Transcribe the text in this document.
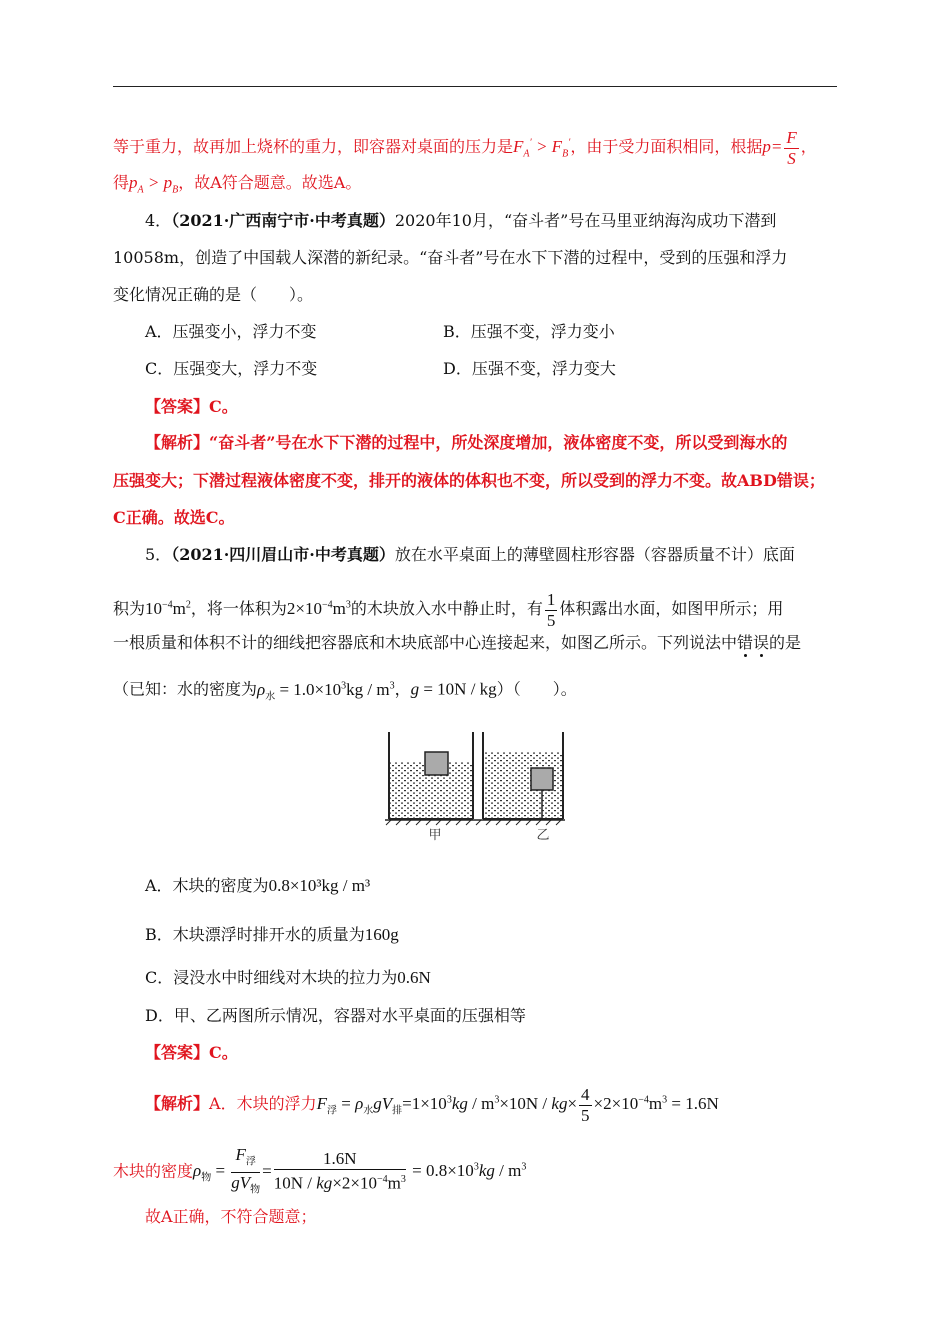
等于重力，故再加上烧杯的重力，即容器对桌面的压力是$F_A' > F_B'$，由于受力面积相同，根据$p= \frac{F}{S}$ ，
得$p_A > p_B$，故A符合题意。故选A。
4．（2021·广西南宁市·中考真题）2020年10月，“奋斗者”号在马里亚纳海沟成功下潜到
10058m，创造了中国载人深潜的新纪录。“奋斗者”号在水下下潜的过程中，受到的压强和浮力
变化情况正确的是（　　）。
A．压强变小，浮力不变	B．压强不变，浮力变小
C．压强变大，浮力不变	D．压强不变，浮力变大
【答案】C。
【解析】“奋斗者”号在水下下潜的过程中，所处深度增加，液体密度不变，所以受到海水的
压强变大；下潜过程液体密度不变，排开的液体的体积也不变，所以受到的浮力不变。故ABD错误；
C正确。故选C。
5．（2021·四川眉山市·中考真题）放在水平桌面上的薄壁圆柱形容器（容器质量不计）底面
积为$10^{-4}m^2$，将一体积为$2\times 10^{-4}m^3$的木块放入水中静止时，有 $\frac{1}{5}$ 体积露出水面，如图甲所示；用
一根质量和体积不计的细线把容器底和木块底部中心连接起来，如图乙所示。下列说法中错误的是
（已知：水的密度为$\rho_水 = 1.0\times 10^3kg / m^3$，g = 10N / kg）（　　）。
甲	乙
A．木块的密度为0.8×10³kg / m³
B．木块漂浮时排开水的质量为160g
C．浸没水中时细线对木块的拉力为0.6N
D．甲、乙两图所示情况，容器对水平桌面的压强相等
【答案】C。
【解析】A．木块的浮力$F_浮 = \rho_水gV_排=1\times 10^3kg / m^3\times 10N / kg\times \frac{4}{5} \times 2\times 10^{-4}m^3 = 1.6N$
木块的密度$\rho_物 = \frac{F_浮}{gV_物} = \frac{1.6N}{10N / kg\times 2\times 10^{-4}m^3} = 0.8\times 10^3kg / m^3$
故A正确，不符合题意；
